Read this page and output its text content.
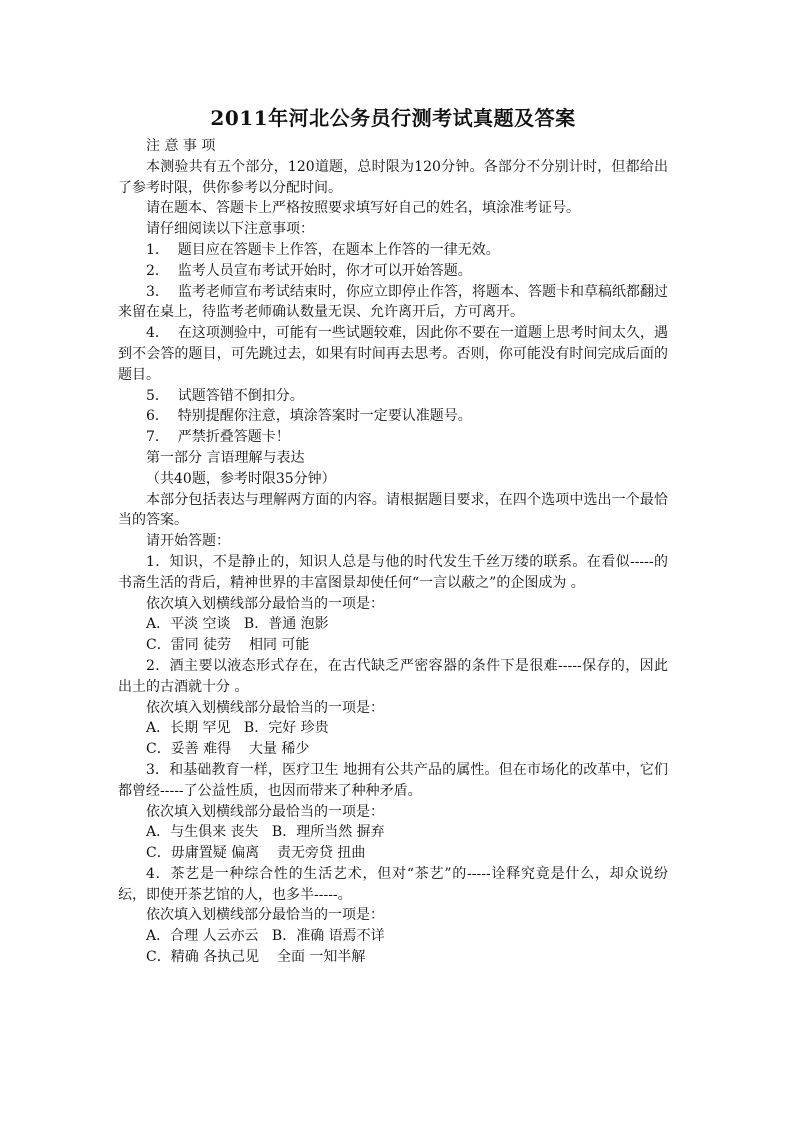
2011年河北公务员行测考试真题及答案

注 意 事 项

本测验共有五个部分，120道题，总时限为120分钟。各部分不分别计时，但都给出了参考时限，供你参考以分配时间。

请在题本、答题卡上严格按照要求填写好自己的姓名，填涂准考证号。

请仔细阅读以下注意事项：

1．  题目应在答题卡上作答，在题本上作答的一律无效。

2．  监考人员宣布考试开始时，你才可以开始答题。

3．  监考老师宣布考试结束时，你应立即停止作答，将题本、答题卡和草稿纸都翻过来留在桌上，待监考老师确认数量无误、允许离开后，方可离开。

4．  在这项测验中，可能有一些试题较难，因此你不要在一道题上思考时间太久，遇到不会答的题目，可先跳过去，如果有时间再去思考。否则，你可能没有时间完成后面的题目。

5．  试题答错不倒扣分。

6．  特别提醒你注意，填涂答案时一定要认准题号。

7．  严禁折叠答题卡！

第一部分 言语理解与表达

（共40题，参考时限35分钟）

本部分包括表达与理解两方面的内容。请根据题目要求，在四个选项中选出一个最恰当的答案。

请开始答题：

1．知识，不是静止的，知识人总是与他的时代发生千丝万缕的联系。在看似-----的书斋生活的背后，精神世界的丰富图景却使任何“一言以蔽之”的企图成为 。

依次填入划横线部分最恰当的一项是：

A．平淡 空谈   B．普通 泡影

C．雷同 徒劳    相同 可能

2．酒主要以液态形式存在，在古代缺乏严密容器的条件下是很难-----保存的，因此出土的古酒就十分 。

依次填入划横线部分最恰当的一项是：

A．长期 罕见   B．完好 珍贵

C．妥善 难得    大量 稀少

3．和基础教育一样，医疗卫生 地拥有公共产品的属性。但在市场化的改革中，它们都曾经-----了公益性质，也因而带来了种种矛盾。

依次填入划横线部分最恰当的一项是：

A．与生俱来 丧失   B．理所当然 摒弃

C．毋庸置疑 偏离    责无旁贷 扭曲

4．茶艺是一种综合性的生活艺术，但对“茶艺”的-----诠释究竟是什么，却众说纷纭，即使开茶艺馆的人，也多半-----。

依次填入划横线部分最恰当的一项是：

A．合理 人云亦云   B．准确 语焉不详

C．精确 各执己见    全面 一知半解
